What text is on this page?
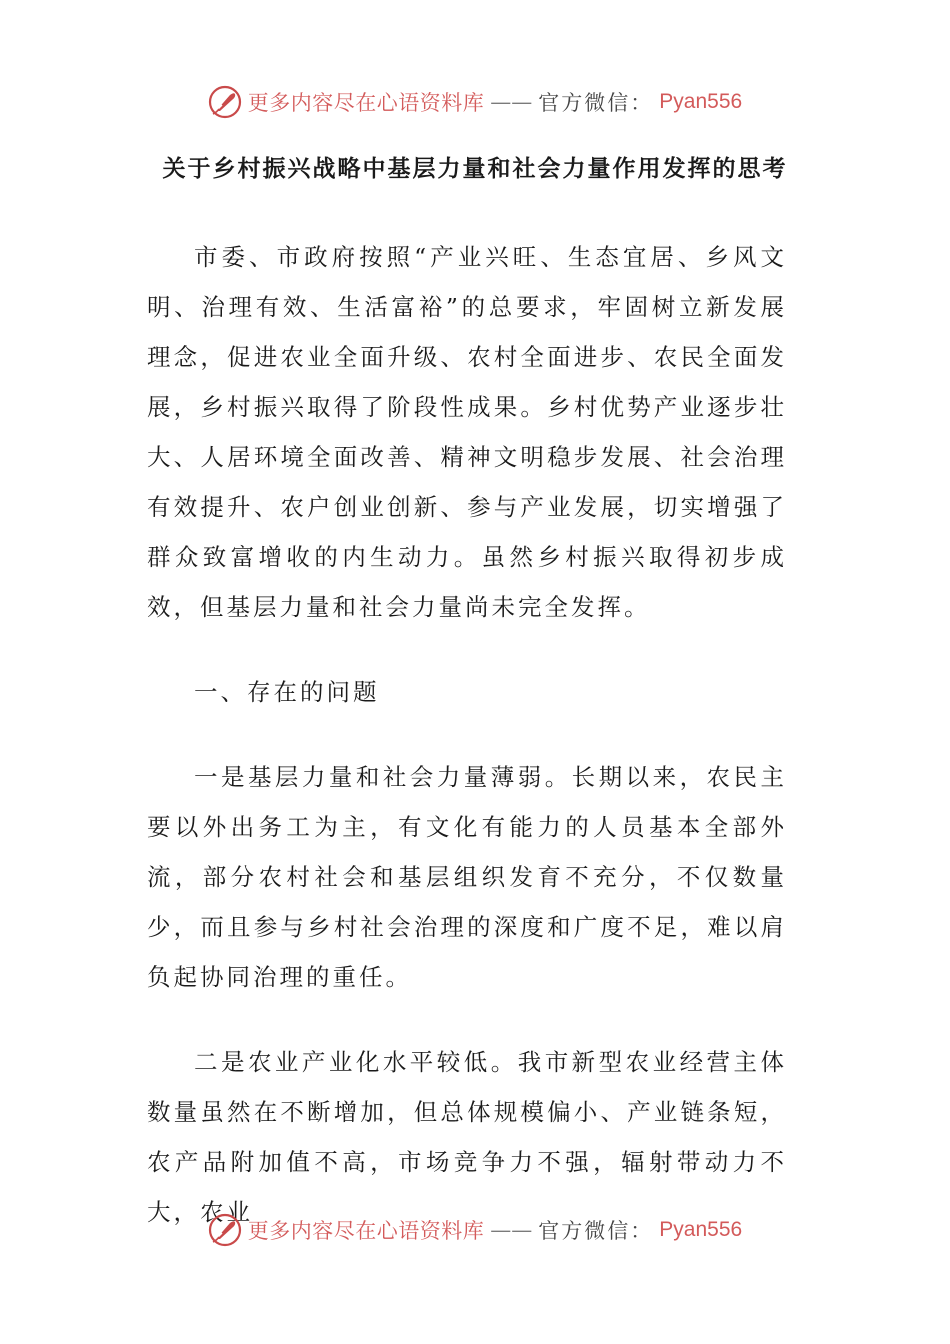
更多内容尽在心语资料库 —— 官方微信： Pyan556
关于乡村振兴战略中基层力量和社会力量作用发挥的思考

市委、市政府按照“产业兴旺、生态宜居、乡风文明、治理有效、生活富裕”的总要求，牢固树立新发展理念，促进农业全面升级、农村全面进步、农民全面发展，乡村振兴取得了阶段性成果。乡村优势产业逐步壮大、人居环境全面改善、精神文明稳步发展、社会治理有效提升、农户创业创新、参与产业发展，切实增强了群众致富增收的内生动力。虽然乡村振兴取得初步成效，但基层力量和社会力量尚未完全发挥。

一、存在的问题

一是基层力量和社会力量薄弱。长期以来，农民主要以外出务工为主，有文化有能力的人员基本全部外流，部分农村社会和基层组织发育不充分，不仅数量少，而且参与乡村社会治理的深度和广度不足，难以肩负起协同治理的重任。

二是农业产业化水平较低。我市新型农业经营主体数量虽然在不断增加，但总体规模偏小、产业链条短，农产品附加值不高，市场竞争力不强，辐射带动力不大，农业

更多内容尽在心语资料库 —— 官方微信： Pyan556
